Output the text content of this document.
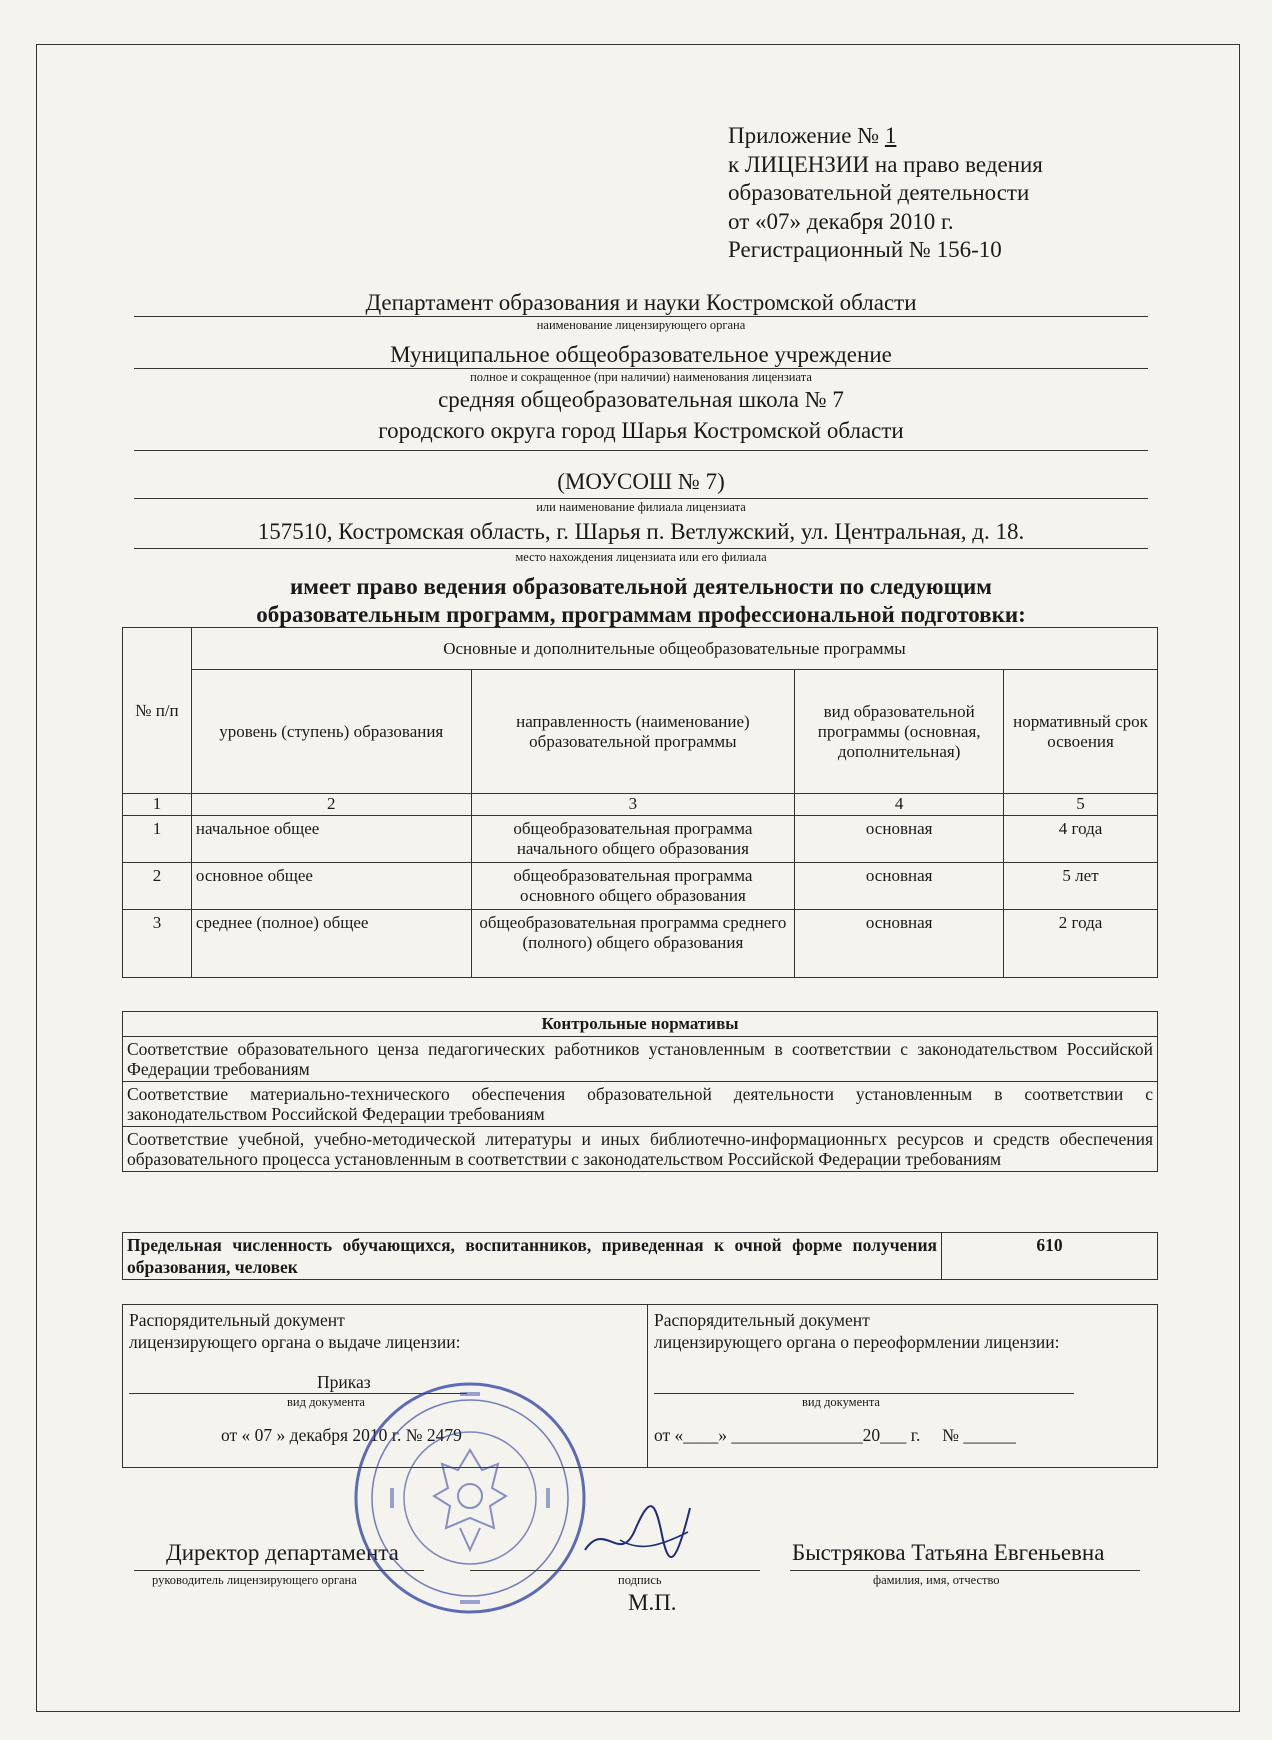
Приложение № 1
к ЛИЦЕНЗИИ на право ведения
образовательной деятельности
от «07» декабря 2010 г.
Регистрационный № 156-10
Департамент образования и науки Костромской области
наименование лицензирующего органа
Муниципальное общеобразовательное учреждение
полное и сокращенное (при наличии) наименования лицензиата
средняя общеобразовательная школа № 7
городского округа город Шарья Костромской области
(МОУСОШ № 7)
или наименование филиала лицензиата
157510, Костромская область, г. Шарья п. Ветлужский, ул. Центральная, д. 18.
место нахождения лицензиата или его филиала
имеет право ведения образовательной деятельности по следующим
образовательным программ, программам профессиональной подготовки:
№ п/п	Основные и дополнительные общеобразовательные программы			
	уровень (ступень) образования	направленность (наименование) образовательной программы	вид образовательной программы (основная, дополнительная)	нормативный срок освоения
1	2	3	4	5
1	начальное общее	общеобразовательная программа начального общего образования	основная	4 года
2	основное общее	общеобразовательная программа основного общего образования	основная	5 лет
3	среднее (полное) общее	общеобразовательная программа среднего (полного) общего образования	основная	2 года
Контрольные нормативы
Соответствие образовательного ценза педагогических работников установленным в соответствии с законодательством Российской Федерации требованиям
Соответствие материально-технического обеспечения образовательной деятельности установленным в соответствии с законодательством Российской Федерации требованиям
Соответствие учебной, учебно-методической литературы и иных библиотечно-информационньгх ресурсов и средств обеспечения образовательного процесса установленным в соответствии с законодательством Российской Федерации требованиям
Предельная численность обучающихся, воспитанников, приведенная к очной форме получения образования, человек	610
Распорядительный документ
лицензирующего органа о выдаче лицензии:
Приказ
вид документа
от « 07 » декабря 2010 г. № 2479
Распорядительный документ
лицензирующего органа о переоформлении лицензии:
вид документа
от «____» _______________20___ г.     № ______
Директор департамента
руководитель лицензирующего органа	подпись
Быстрякова Татьяна Евгеньевна
фамилия, имя, отчество
М.П.
